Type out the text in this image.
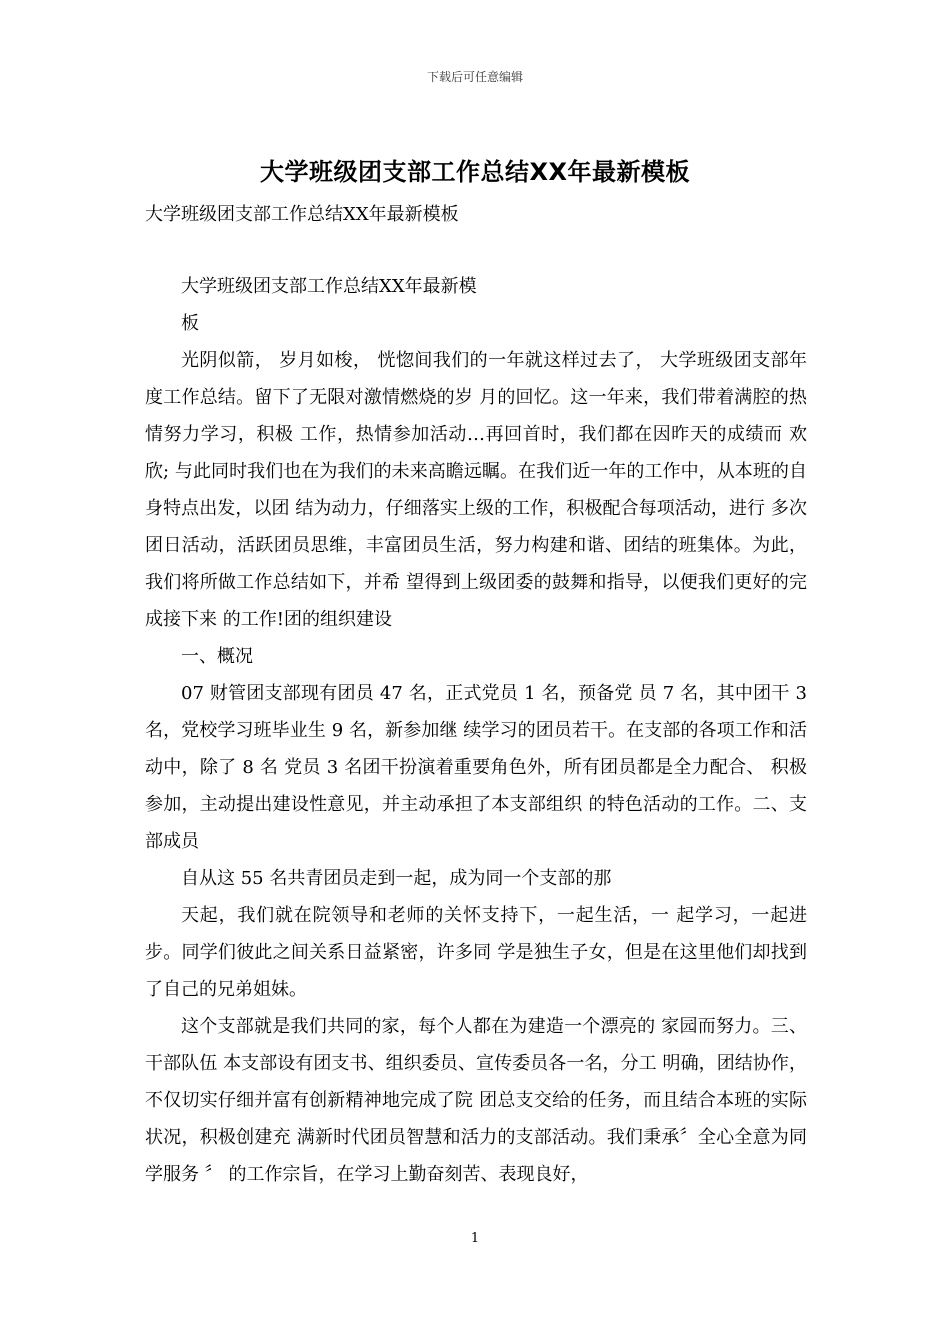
下载后可任意编辑
大学班级团支部工作总结XX年最新模板
大学班级团支部工作总结XX年最新模板

大学班级团支部工作总结XX年最新模

板

光阴似箭， 岁月如梭， 恍惚间我们的一年就这样过去了， 大学班级团支部年度工作总结。留下了无限对激情燃烧的岁 月的回忆。这一年来，我们带着满腔的热情努力学习，积极 工作，热情参加活动…再回首时，我们都在因昨天的成绩而 欢欣; 与此同时我们也在为我们的未来高瞻远瞩。在我们近一年的工作中，从本班的自身特点出发，以团 结为动力，仔细落实上级的工作，积极配合每项活动，进行 多次团日活动，活跃团员思维，丰富团员生活，努力构建和谐、团结的班集体。为此，我们将所做工作总结如下，并希 望得到上级团委的鼓舞和指导，以便我们更好的完成接下来 的工作!团的组织建设

一、概况

07 财管团支部现有团员 47 名，正式党员 1 名，预备党 员 7 名，其中团干 3 名，党校学习班毕业生 9 名，新参加继 续学习的团员若干。在支部的各项工作和活动中，除了 8 名 党员 3 名团干扮演着重要角色外，所有团员都是全力配合、 积极参加，主动提出建设性意见，并主动承担了本支部组织 的特色活动的工作。二、支部成员

自从这 55 名共青团员走到一起，成为同一个支部的那

天起，我们就在院领导和老师的关怀支持下，一起生活，一 起学习，一起进步。同学们彼此之间关系日益紧密，许多同 学是独生子女，但是在这里他们却找到了自己的兄弟姐妹。

这个支部就是我们共同的家，每个人都在为建造一个漂亮的 家园而努力。三、干部队伍 本支部设有团支书、组织委员、宣传委员各一名，分工 明确，团结协作，不仅切实仔细并富有创新精神地完成了院 团总支交给的任务，而且结合本班的实际状况，积极创建充 满新时代团员智慧和活力的支部活动。我们秉承〞全心全意为同学服务 〞 的工作宗旨，在学习上勤奋刻苦、表现良好，

1
